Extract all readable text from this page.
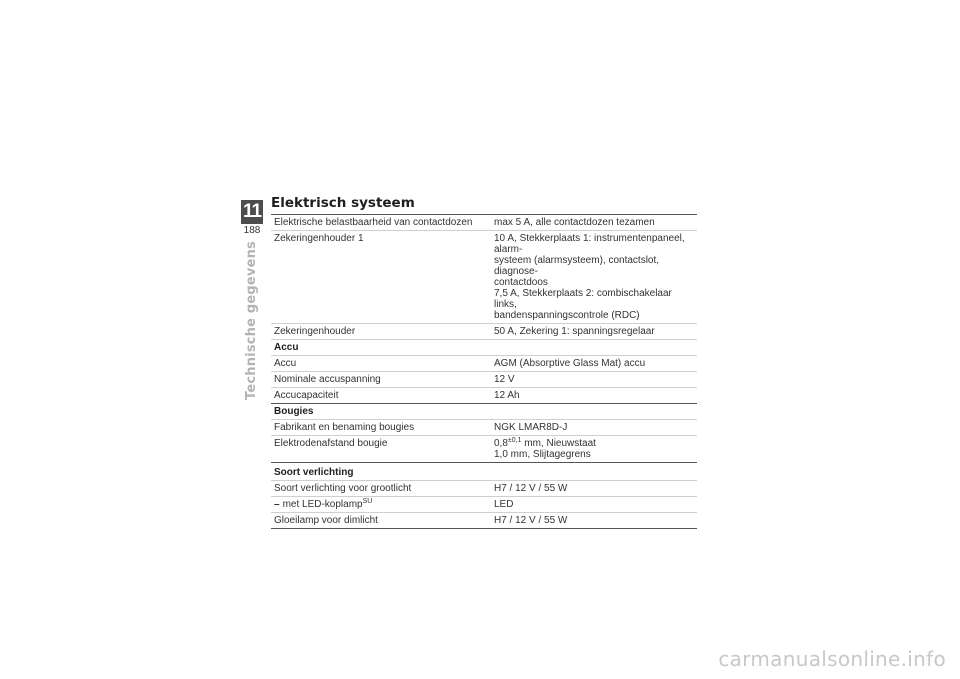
11
188
Technische gegevens
Elektrisch systeem
Elektrische belastbaarheid van contactdozen	max 5 A, alle contactdozen tezamen
Zekeringenhouder 1	10 A, Stekkerplaats 1: instrumentenpaneel, alarm-
systeem (alarmsysteem), contactslot, diagnose-
contactdoos
7,5 A, Stekkerplaats 2: combischakelaar links,
bandenspanningscontrole (RDC)

Zekeringenhouder	50 A, Zekering 1: spanningsregelaar
Accu	
Accu	AGM (Absorptive Glass Mat) accu
Nominale accuspanning	12 V
Accucapaciteit	12 Ah
Bougies	
Fabrikant en benaming bougies	NGK LMAR8D-J
Elektrodenafstand bougie	$0,8^{\pm 0,1}$ mm, Nieuwstaat
1,0 mm, Slijtagegrens

Soort verlichting	
Soort verlichting voor grootlicht	H7 / 12 V / 55 W
– met LED-koplamp$^{SU}$	LED
Gloeilamp voor dimlicht	H7 / 12 V / 55 W
carmanualsonline.info
